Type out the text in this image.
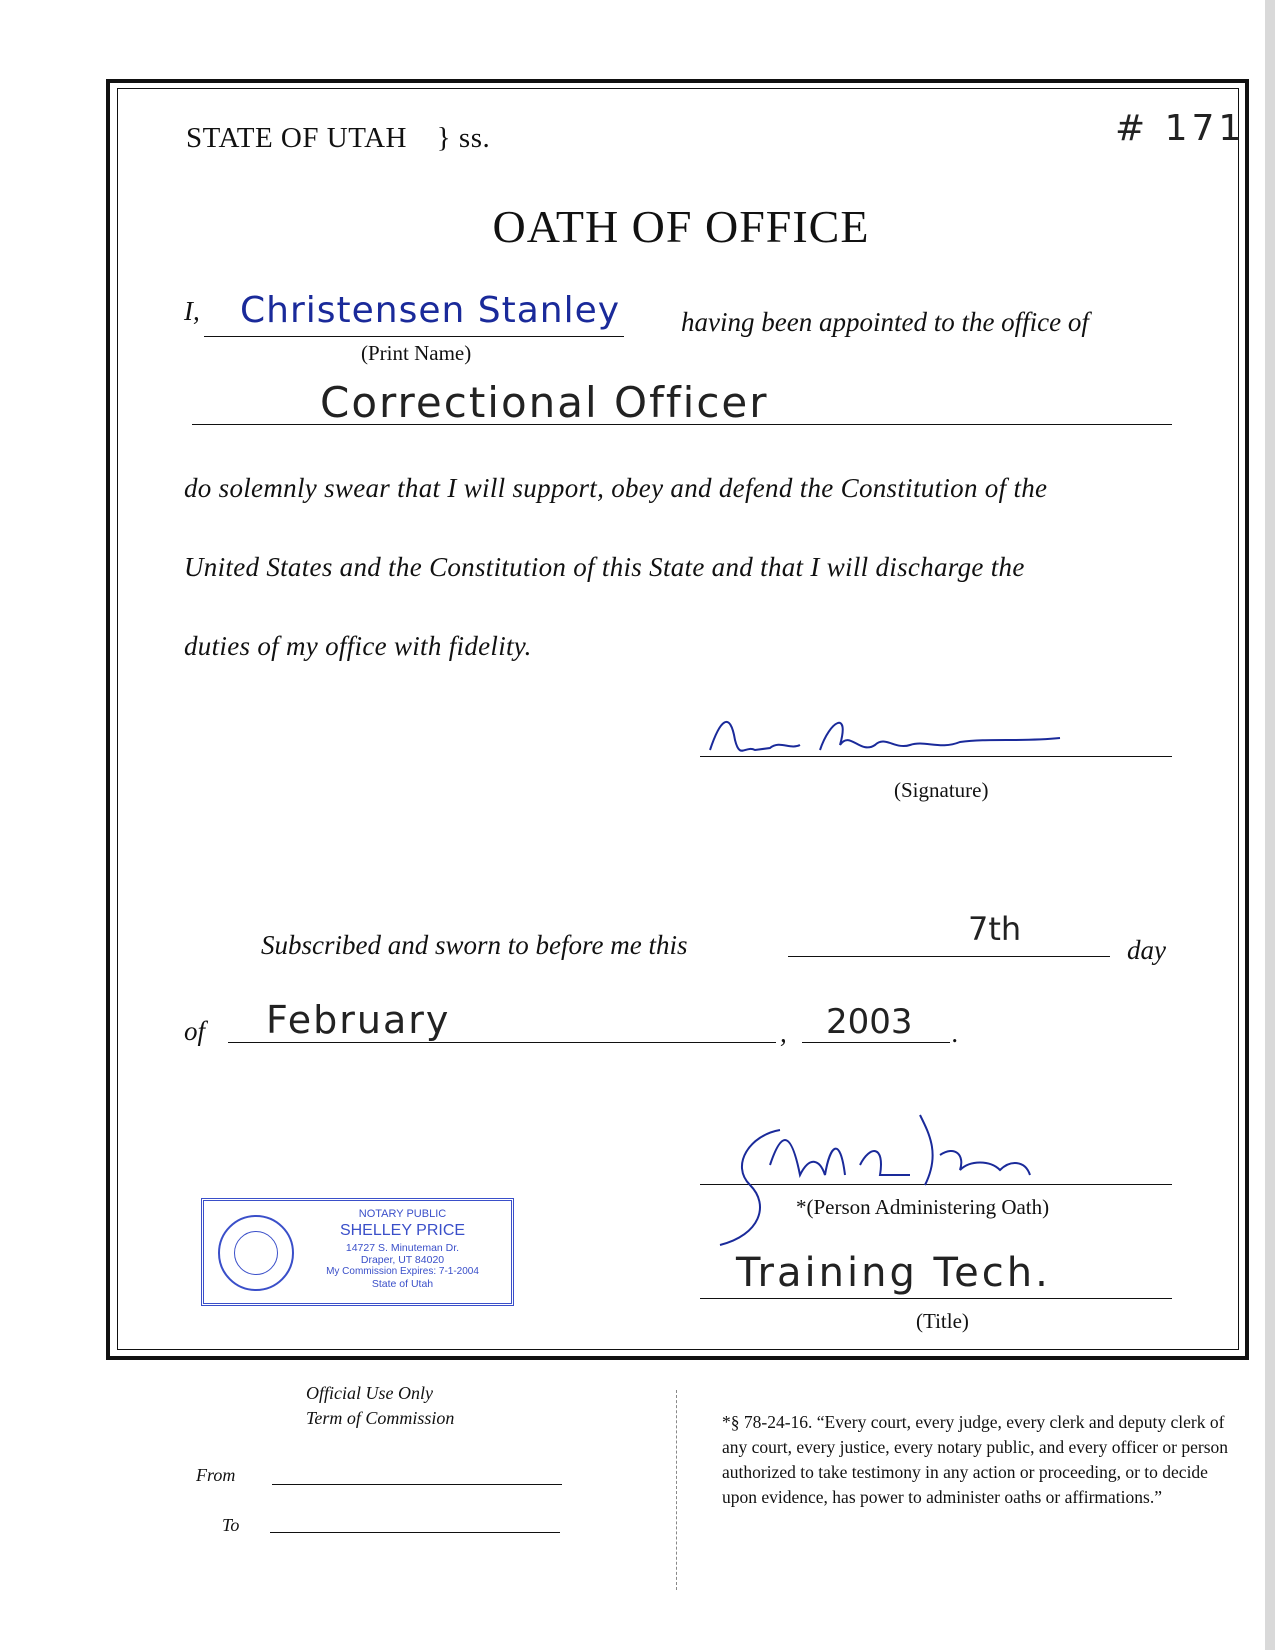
STATE OF UTAH } ss.	# 171
OATH OF OFFICE
I, Christensen Stanley
(Print Name)
having been appointed to the office of
Correctional Officer
do solemnly swear that I will support, obey and defend the Constitution of the
United States and the Constitution of this State and that I will discharge the
duties of my office with fidelity.
(Signature)
Subscribed and sworn to before me this	7th
day
of February	, 2003 .
*(Person Administering Oath)
Training Tech.
(Title)
NOTARY PUBLIC
SHELLEY PRICE
14727 S. Minuteman Dr.
Draper, UT 84020
My Commission Expires: 7-1-2004
State of Utah
Official Use Only
Term of Commission
From
To
*§ 78-24-16. “Every court, every judge, every clerk and deputy clerk of any court, every justice, every notary public, and every officer or person authorized to take testimony in any action or proceeding, or to decide upon evidence, has power to administer oaths or affirmations.”
